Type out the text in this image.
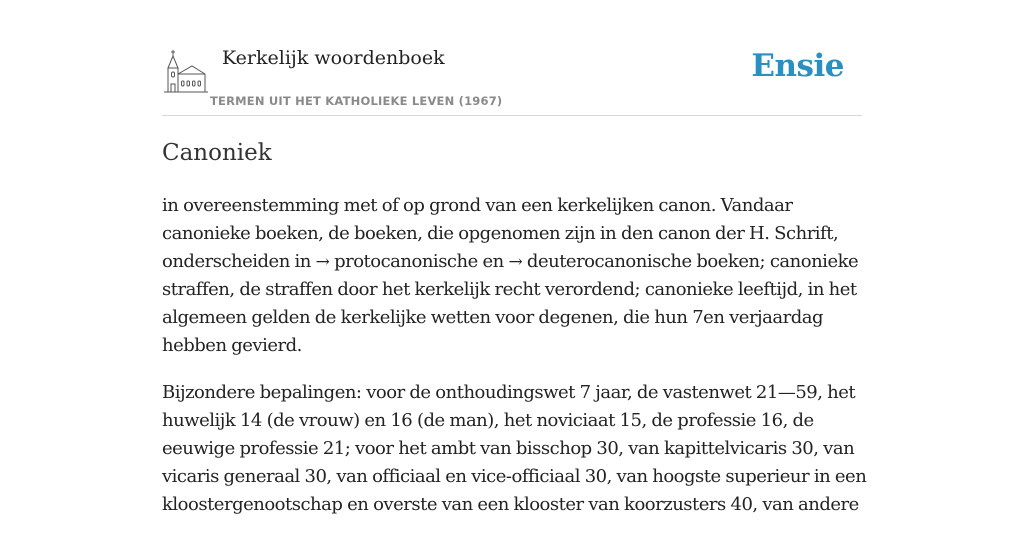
Kerkelijk woordenboek
TERMEN UIT HET KATHOLIEKE LEVEN (1967)
Ensie
Canoniek

in overeenstemming met of op grond van een kerkelijken canon. Vandaar
canonieke boeken, de boeken, die opgenomen zijn in den canon der H. Schrift,
onderscheiden in → protocanonische en → deuterocanonische boeken; canonieke
straffen, de straffen door het kerkelijk recht verordend; canonieke leeftijd, in het
algemeen gelden de kerkelijke wetten voor degenen, die hun 7en verjaardag
hebben gevierd.

Bijzondere bepalingen: voor de onthoudingswet 7 jaar, de vastenwet 21—59, het
huwelijk 14 (de vrouw) en 16 (de man), het noviciaat 15, de professie 16, de
eeuwige professie 21; voor het ambt van bisschop 30, van kapittelvicaris 30, van
vicaris generaal 30, van officiaal en vice-officiaal 30, van hoogste superieur in een
kloostergenootschap en overste van een klooster van koorzusters 40, van andere
